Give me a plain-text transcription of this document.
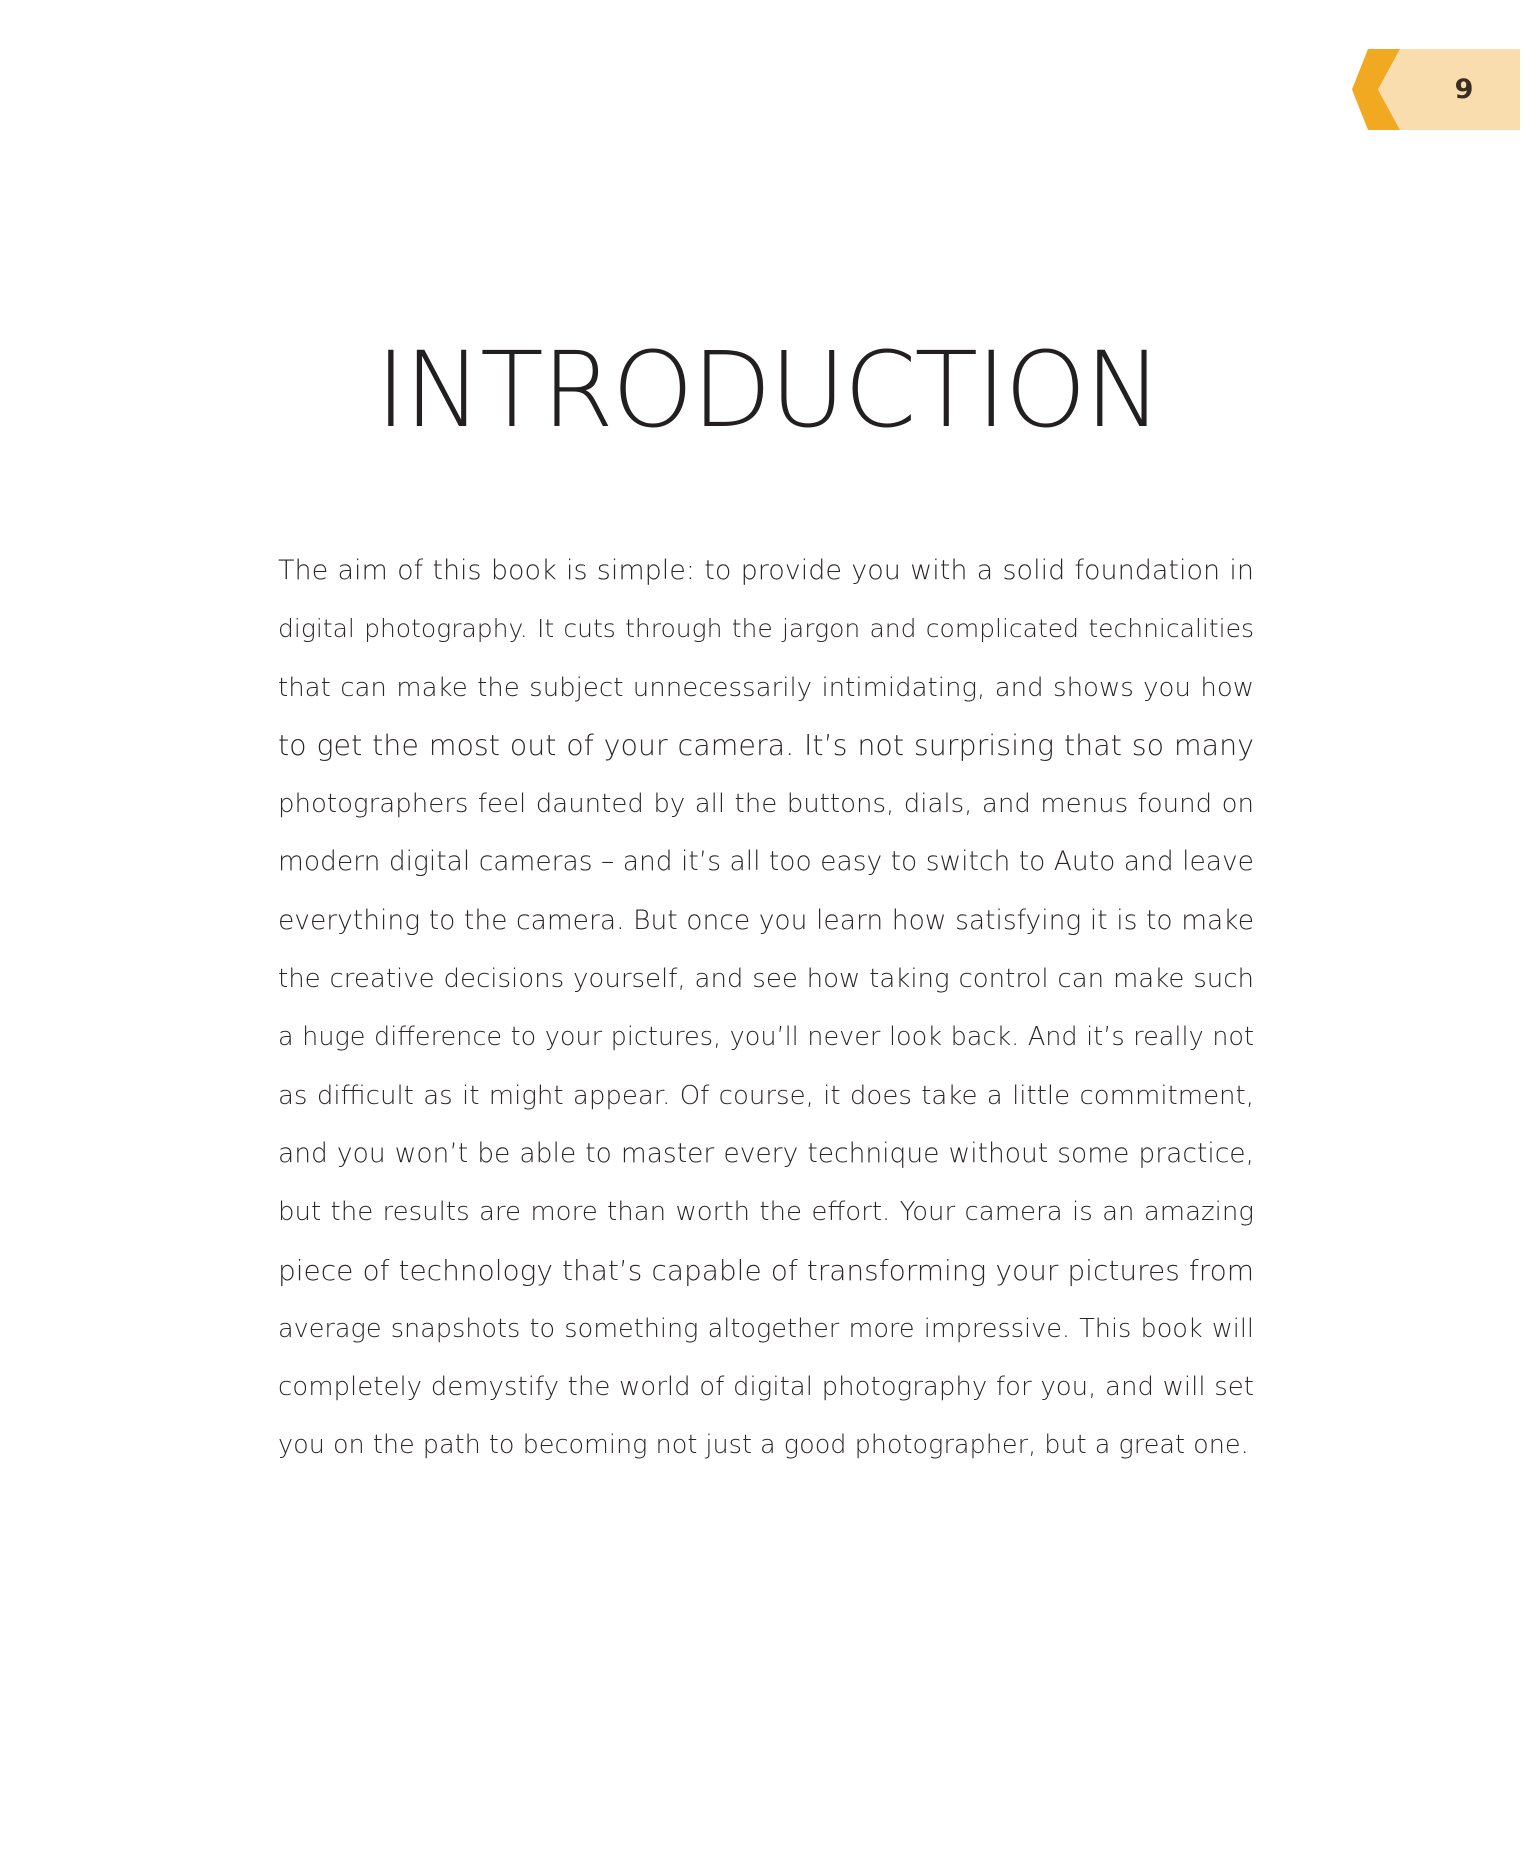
9
INTRODUCTION
The aim of this book is simple: to provide you with a solid foundation in
digital photography. It cuts through the jargon and complicated technicalities
that can make the subject unnecessarily intimidating, and shows you how
to get the most out of your camera. It’s not surprising that so many
photographers feel daunted by all the buttons, dials, and menus found on
modern digital cameras – and it’s all too easy to switch to Auto and leave
everything to the camera. But once you learn how satisfying it is to make
the creative decisions yourself, and see how taking control can make such
a huge difference to your pictures, you’ll never look back. And it’s really not
as difficult as it might appear. Of course, it does take a little commitment,
and you won’t be able to master every technique without some practice,
but the results are more than worth the effort. Your camera is an amazing
piece of technology that’s capable of transforming your pictures from
average snapshots to something altogether more impressive. This book will
completely demystify the world of digital photography for you, and will set
you on the path to becoming not just a good photographer, but a great one.
